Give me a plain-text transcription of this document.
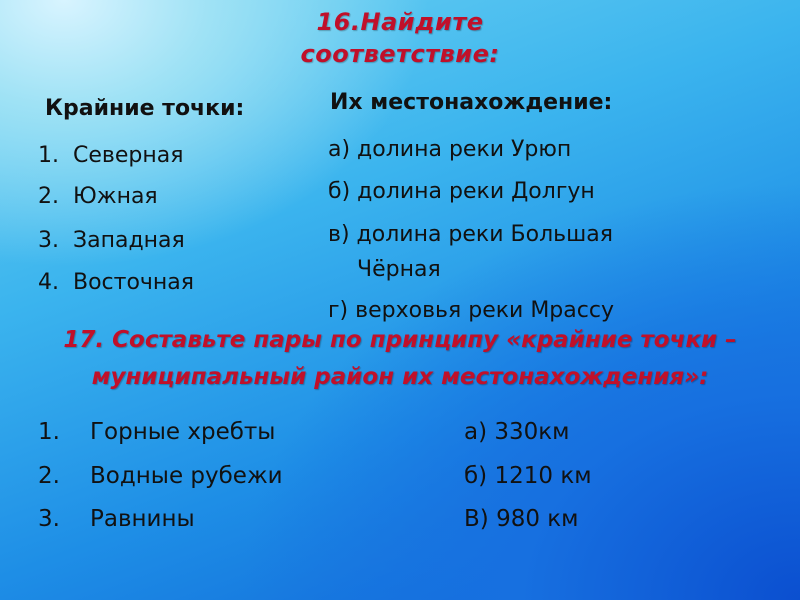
16.Найдите
соответствие:
Крайние точки:
1. Северная
2. Южная
3. Западная
4. Восточная
Их местонахождение:
а) долина реки Урюп
б) долина реки Долгун
в) долина реки Большая
Чёрная
г) верховья реки Мрассу
1. Горные хребты
2. Водные рубежи
3. Равнины
а) 330км
б) 1210 км
В) 980 км
17. Составьте пары по принципу «крайние точки – муниципальный район их местонахождения»:
